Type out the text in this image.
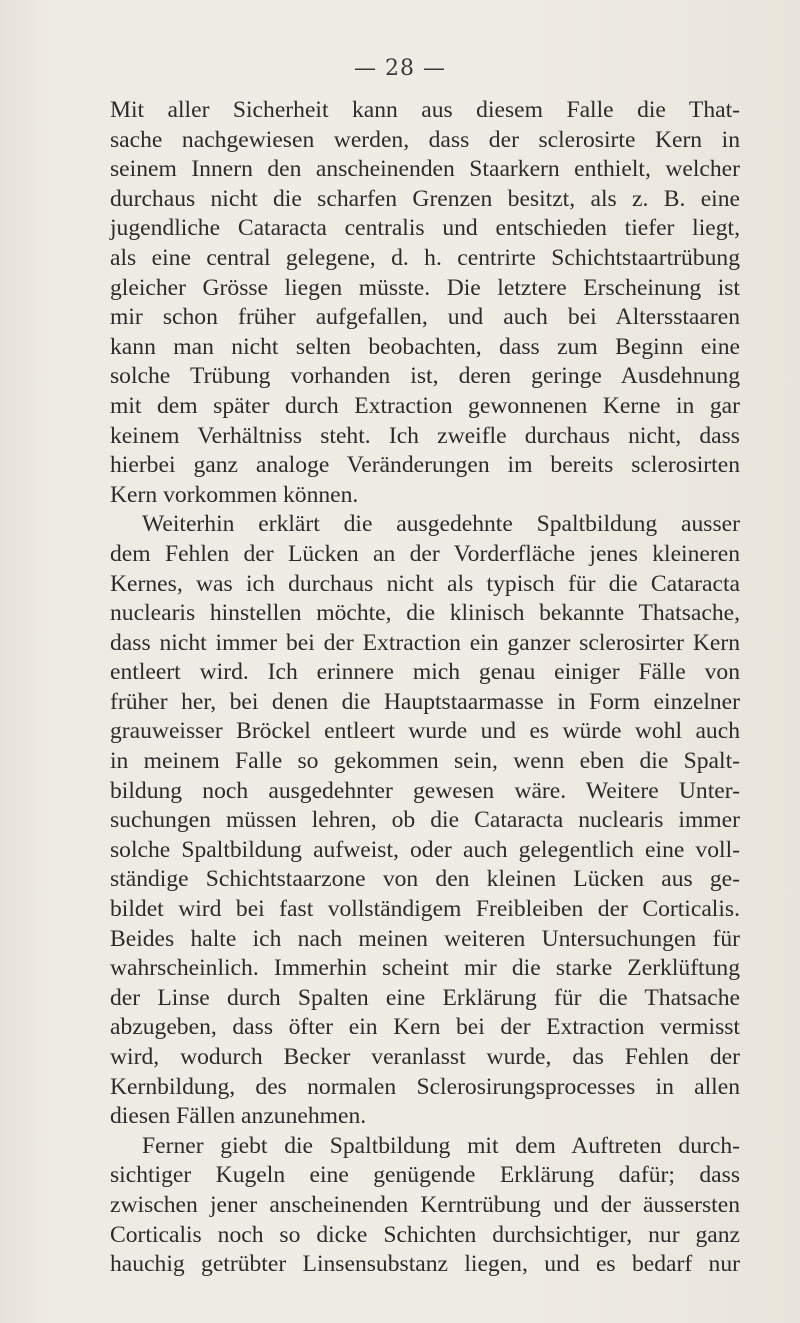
— 28 —

Mit aller Sicherheit kann aus diesem Falle die That-
sache nachgewiesen werden, dass der sclerosirte Kern in
seinem Innern den anscheinenden Staarkern enthielt, welcher
durchaus nicht die scharfen Grenzen besitzt, als z. B. eine
jugendliche Cataracta centralis und entschieden tiefer liegt,
als eine central gelegene, d. h. centrirte Schichtstaartrübung
gleicher Grösse liegen müsste. Die letztere Erscheinung ist
mir schon früher aufgefallen, und auch bei Altersstaaren
kann man nicht selten beobachten, dass zum Beginn eine
solche Trübung vorhanden ist, deren geringe Ausdehnung
mit dem später durch Extraction gewonnenen Kerne in gar
keinem Verhältniss steht. Ich zweifle durchaus nicht, dass
hierbei ganz analoge Veränderungen im bereits sclerosirten
Kern vorkommen können.

Weiterhin erklärt die ausgedehnte Spaltbildung ausser
dem Fehlen der Lücken an der Vorderfläche jenes kleineren
Kernes, was ich durchaus nicht als typisch für die Cataracta
nuclearis hinstellen möchte, die klinisch bekannte Thatsache,
dass nicht immer bei der Extraction ein ganzer sclerosirter Kern
entleert wird. Ich erinnere mich genau einiger Fälle von
früher her, bei denen die Hauptstaarmasse in Form einzelner
grauweisser Bröckel entleert wurde und es würde wohl auch
in meinem Falle so gekommen sein, wenn eben die Spalt-
bildung noch ausgedehnter gewesen wäre. Weitere Unter-
suchungen müssen lehren, ob die Cataracta nuclearis immer
solche Spaltbildung aufweist, oder auch gelegentlich eine voll-
ständige Schichtstaarzone von den kleinen Lücken aus ge-
bildet wird bei fast vollständigem Freibleiben der Corticalis.
Beides halte ich nach meinen weiteren Untersuchungen für
wahrscheinlich. Immerhin scheint mir die starke Zerklüftung
der Linse durch Spalten eine Erklärung für die Thatsache
abzugeben, dass öfter ein Kern bei der Extraction vermisst
wird, wodurch Becker veranlasst wurde, das Fehlen der
Kernbildung, des normalen Sclerosirungsprocesses in allen
diesen Fällen anzunehmen.

Ferner giebt die Spaltbildung mit dem Auftreten durch-
sichtiger Kugeln eine genügende Erklärung dafür; dass
zwischen jener anscheinenden Kerntrübung und der äussersten
Corticalis noch so dicke Schichten durchsichtiger, nur ganz
hauchig getrübter Linsensubstanz liegen, und es bedarf nur
